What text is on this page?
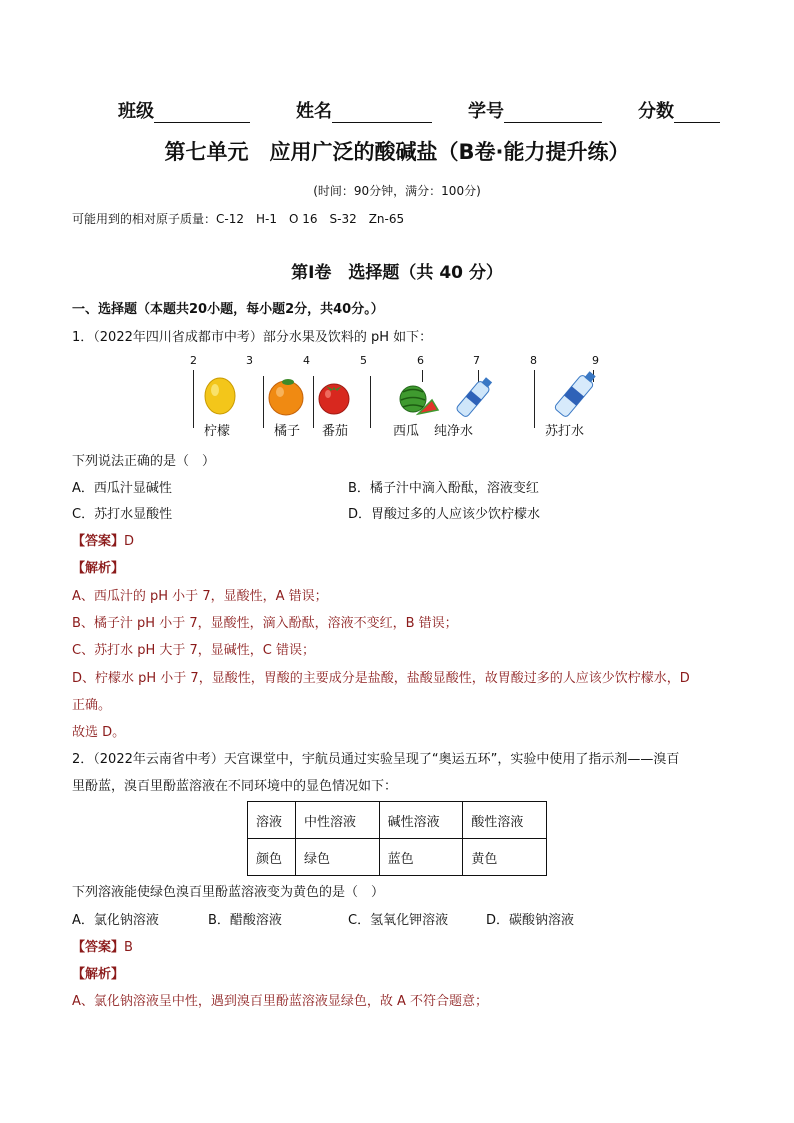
班级	姓名	学号	分数
第七单元　应用广泛的酸碱盐（B卷·能力提升练）
(时间：90分钟，满分：100分)
可能用到的相对原子质量：C-12　H-1　O 16　S-32　Zn-65
第Ⅰ卷　选择题（共 40 分）
一、选择题（本题共20小题，每小题2分，共40分。）
1．（2022年四川省成都市中考）部分水果及饮料的 pH 如下：
2	3	4	5	6	7	8	9
柠檬	橘子 番茄	西瓜 纯净水	苏打水
下列说法正确的是（　）
A．西瓜汁显碱性	B．橘子汁中滴入酚酞，溶液变红
C．苏打水显酸性	D．胃酸过多的人应该少饮柠檬水
【答案】D
【解析】
A、西瓜汁的 pH 小于 7，显酸性，A 错误；
B、橘子汁 pH 小于 7，显酸性，滴入酚酞，溶液不变红，B 错误；
C、苏打水 pH 大于 7，显碱性，C 错误；
D、柠檬水 pH 小于 7，显酸性，胃酸的主要成分是盐酸，盐酸显酸性，故胃酸过多的人应该少饮柠檬水，D
正确。
故选 D。
2．（2022年云南省中考）天宫课堂中，宇航员通过实验呈现了“奥运五环”，实验中使用了指示剂——溴百
里酚蓝，溴百里酚蓝溶液在不同环境中的显色情况如下：
溶液	中性溶液	碱性溶液	酸性溶液
颜色	绿色	蓝色	黄色
下列溶液能使绿色溴百里酚蓝溶液变为黄色的是（　）
A．氯化钠溶液	B．醋酸溶液	C．氢氧化钾溶液	D．碳酸钠溶液
【答案】B
【解析】
A、氯化钠溶液呈中性，遇到溴百里酚蓝溶液显绿色，故 A 不符合题意；
